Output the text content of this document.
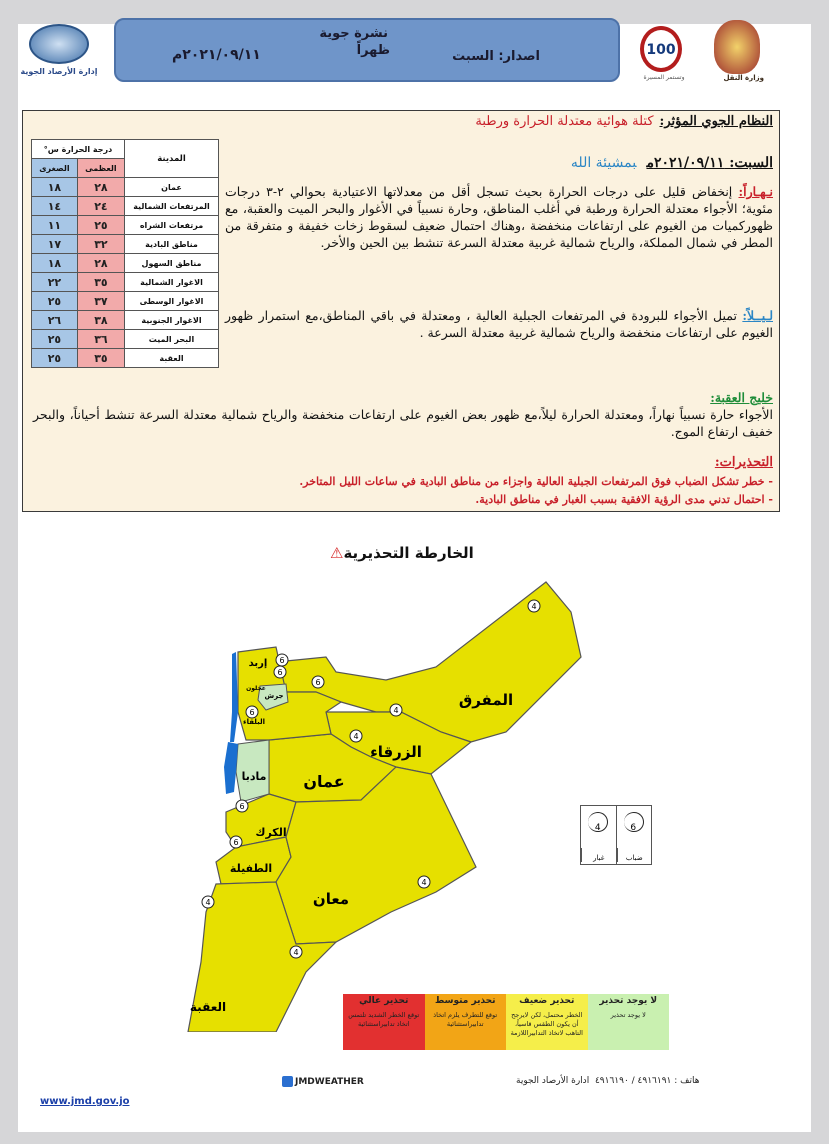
إدارة الأرصاد الجوية
نشرة جوية
اصدار: السبت
ظهراً
٢٠٢١/٠٩/١١م	100
وتستمر المسيرة	وزارة النقل
النظام الجوي المؤثر:كتلة هوائية معتدلة الحرارة ورطبة
السبت: ٢٠٢١/٠٩/١١مبمشيئة الله
نـهـاراً: إنخفاض قليل على درجات الحرارة بحيث تسجل أقل من معدلاتها الاعتيادية بحوالي ٢-٣ درجات مئوية؛ الأجواء معتدلة الحرارة ورطبة في أغلب المناطق، وحارة نسبياً في الأغوار والبحر الميت والعقبة، مع ظهوركميات من الغيوم على ارتفاعات منخفضة ،وهناك احتمال ضعيف لسقوط زخات خفيفة و متفرقة من المطر في شمال المملكة، والرياح شمالية غربية معتدلة السرعة تنشط بين الحين والأخر.
لـيــلاً: تميل الأجواء للبرودة في المرتفعات الجبلية العالية ، ومعتدلة في باقي المناطق،مع استمرار ظهور الغيوم على ارتفاعات منخفضة والرياح شمالية غربية معتدلة السرعة .
خليج العقبة:
الأجواء حارة نسبياً نهاراً، ومعتدلة الحرارة ليلاً،مع ظهور بعض الغيوم على ارتفاعات منخفضة والرياح شمالية معتدلة السرعة تنشط أحياناً، والبحر خفيف ارتفاع الموج.
التحذيرات:
- خطر تشكل الضباب فوق المرتفعات الجبلية العالية واجزاء من مناطق البادية في ساعات الليل المتاخر.
- احتمال تدني مدى الرؤية الافقية بسبب الغبار في مناطق البادية.
المدينة	درجة الحرارة س°	
	العظمى	الصغرى
عمان	٢٨	١٨
المرتفعات الشمالية	٢٤	١٤
مرتفعات الشراه	٢٥	١١
مناطق البادية	٣٢	١٧
مناطق السهول	٢٨	١٨
الاغوار الشمالية	٣٥	٢٢
الاغوار الوسطى	٣٧	٢٥
الاغوار الجنوبية	٣٨	٢٦
البحر الميت	٣٦	٢٥
العقبة	٣٥	٢٥
الخارطة التحذيرية⚠
المفرق
الزرقاء
عمان
مادبا
الكرك
الطفيلة
معان
العقبة
إربد
جرش
عجلون
البلقاء
4
4
6
4
6
6
6
6
4
4
4
6
4
غبار
6
ضباب
لا يوجد تحذير
لا يوجد تحذير
تحذير ضعيف
الخطر محتمل، لكن لايرجح أن يكون الطقس قاسياً، التاهب لاتخاذ التدابيراللازمة
تحذير متوسط
توقع للتطرف يلزم اتخاذ تدابيراستثنائية
تحذير عالي
توقع الخطر الشديد تلتمس اتخاذ تدابيراستثنائية
هاتف : ٤٩١٦١٩١ / ٤٩١٦١٩٠  ادارة الأرصاد الجوية
JMDWEATHER
www.jmd.gov.jo
